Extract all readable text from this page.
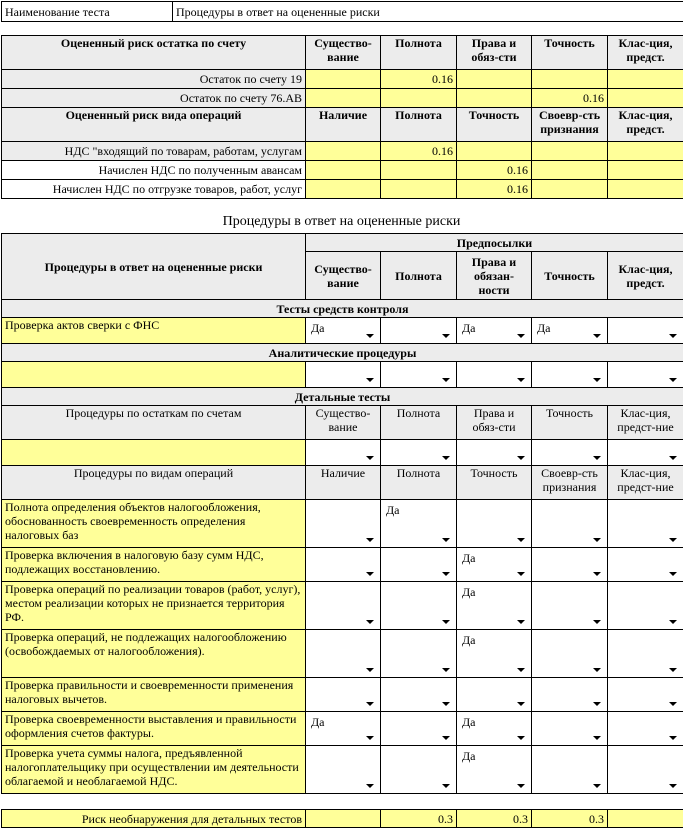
Наименование теста	Процедуры в ответ на оцененные риски
Оцененный риск остатка по счету	Существо-вание	Полнота	Права и обяз-сти	Точность	Клас-ция, предст.
Остаток по счету 19		0.16			
Остаток по счету 76.АВ				0.16	
Оцененный риск вида операций	Наличие	Полнота	Точность	Своевр-сть признания	Клас-ция, предст.
НДС "входящий по товарам, работам, услугам		0.16			
Начислен НДС по полученным авансам			0.16		
Начислен НДС по отгрузке товаров, работ, услуг			0.16		
Процедуры в ответ на оцененные риски
Процедуры в ответ на оцененные риски	Предпосылки				
	Существо-вание	Полнота	Права и обязан-ности	Точность	Клас-ция, предст.
Тесты средств контроля					
Проверка актов сверки с ФНС	Да		Да	Да	

Аналитические процедуры					

Детальные тесты					
Процедуры по остаткам по счетам	Существо-вание	Полнота	Права и обяз-сти	Точность	Клас-ция, предст-ние

Процедуры по видам операций	Наличие	Полнота	Точность	Своевр-сть признания	Клас-ция, предст-ние
Полнота определения объектов налогообложения, обоснованность своевременность определения налоговых баз		Да			

Проверка включения в налоговую базу сумм НДС, подлежащих восстановлению.			Да		

Проверка операций по реализации товаров (работ, услуг), местом реализации которых не признается территория РФ.			Да		

Проверка операций, не подлежащих налогообложению (освобождаемых от налогообложения).			Да		

Проверка правильности и своевременности применения налоговых вычетов.	

Проверка своевременности выставления и правильности оформления счетов фактуры.	Да		Да		

Проверка учета суммы налога, предъявленной налогоплательщику при осуществлении им деятельности облагаемой и необлагаемой НДС.			Да		

Риск необнаружения для детальных тестов		0.3	0.3	0.3	
